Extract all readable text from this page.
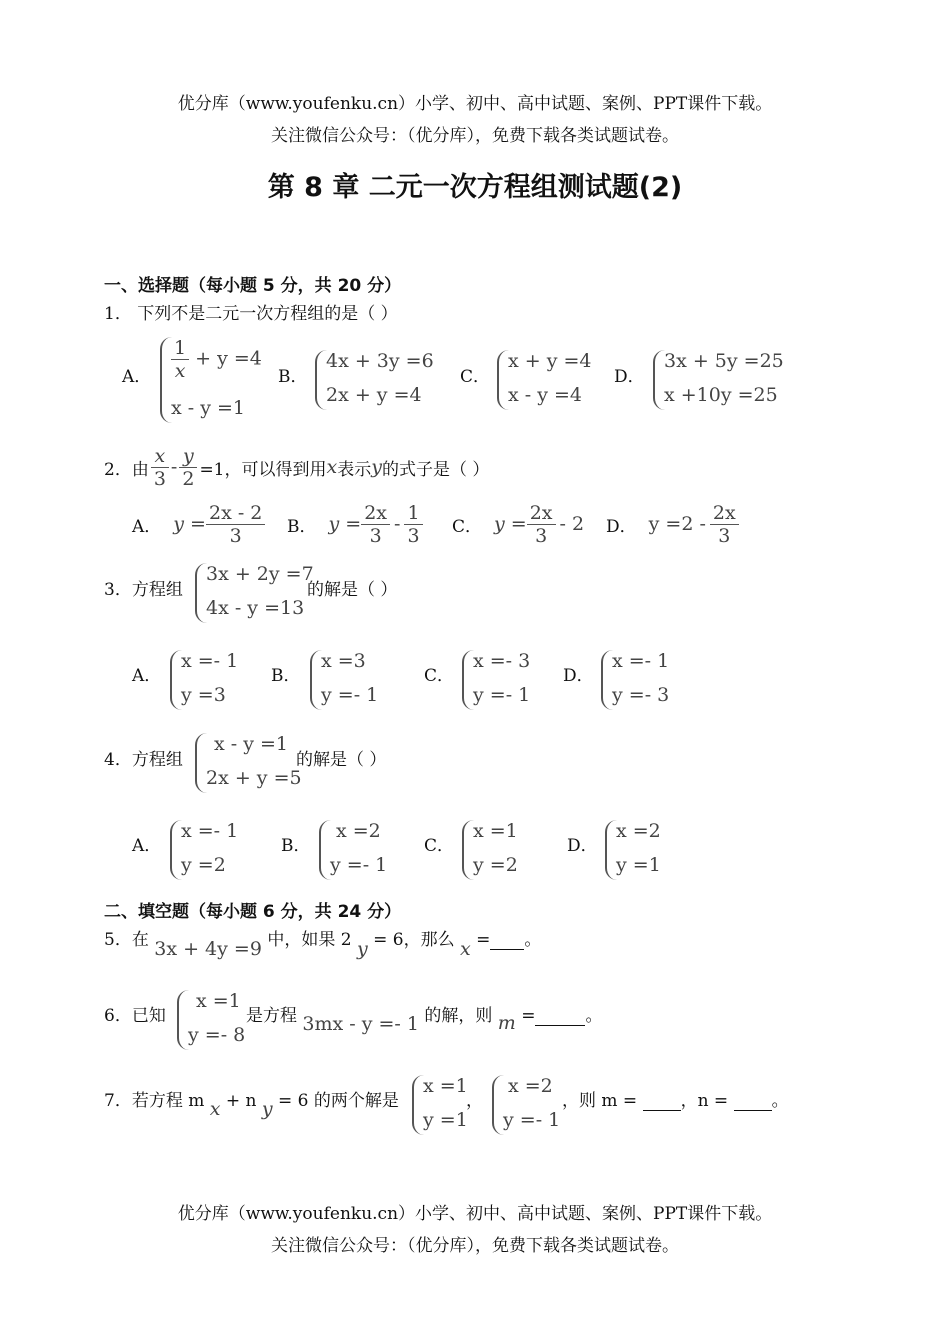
优分库（www.youfenku.cn）小学、初中、高中试题、案例、PPT课件下载。
关注微信公众号：（优分库），免费下载各类试题试卷。
第 8 章 二元一次方程组测试题(2)
一、选择题（每小题 5 分，共 20 分）
1． 下列不是二元一次方程组的是（ ）
A． $\frac{1}{x} + y =4$
x - y =1
B．
4x + 3y =6
2x + y =4
C．
x + y =4
x - y =4
D．
3x + 5y =25
x +10y =25
2．由 $\frac{x}{3} - \frac{y}{2} =1$，可以得到用 x 表示 y 的式子是（ ）
A． $y = \frac{2x - 2}{3}$ B． $y = \frac{2x}{3} - \frac{1}{3}$ C． $y = \frac{2x}{3} - 2$ D． $y =2 - \frac{2x}{3}$
3．方程组
3x + 2y =7
4x - y =13
的解是（ ）
A．
x =- 1
y =3
B．
x =3
y =- 1
C．
x =- 3
y =- 1
D．
x =- 1
y =- 3
4．方程组
x - y =1
2x + y =5
的解是（ ）
A．
x =- 1
y =2
B．
x =2
y =- 1
C．
x =1
y =2
D．
x =2
y =1
二、填空题（每小题 6 分，共 24 分）
5．在 3x + 4y =9 中，如果 2 y = 6，那么 x = 。
6．已知
x =1
y =- 8
是方程 3mx - y =- 1 的解，则 m =	。
7．若方程 m x + n y = 6 的两个解是
x =1
y =1
，
x =2
y =- 1
，则 m =	，n =	。
优分库（www.youfenku.cn）小学、初中、高中试题、案例、PPT课件下载。
关注微信公众号：（优分库），免费下载各类试题试卷。
